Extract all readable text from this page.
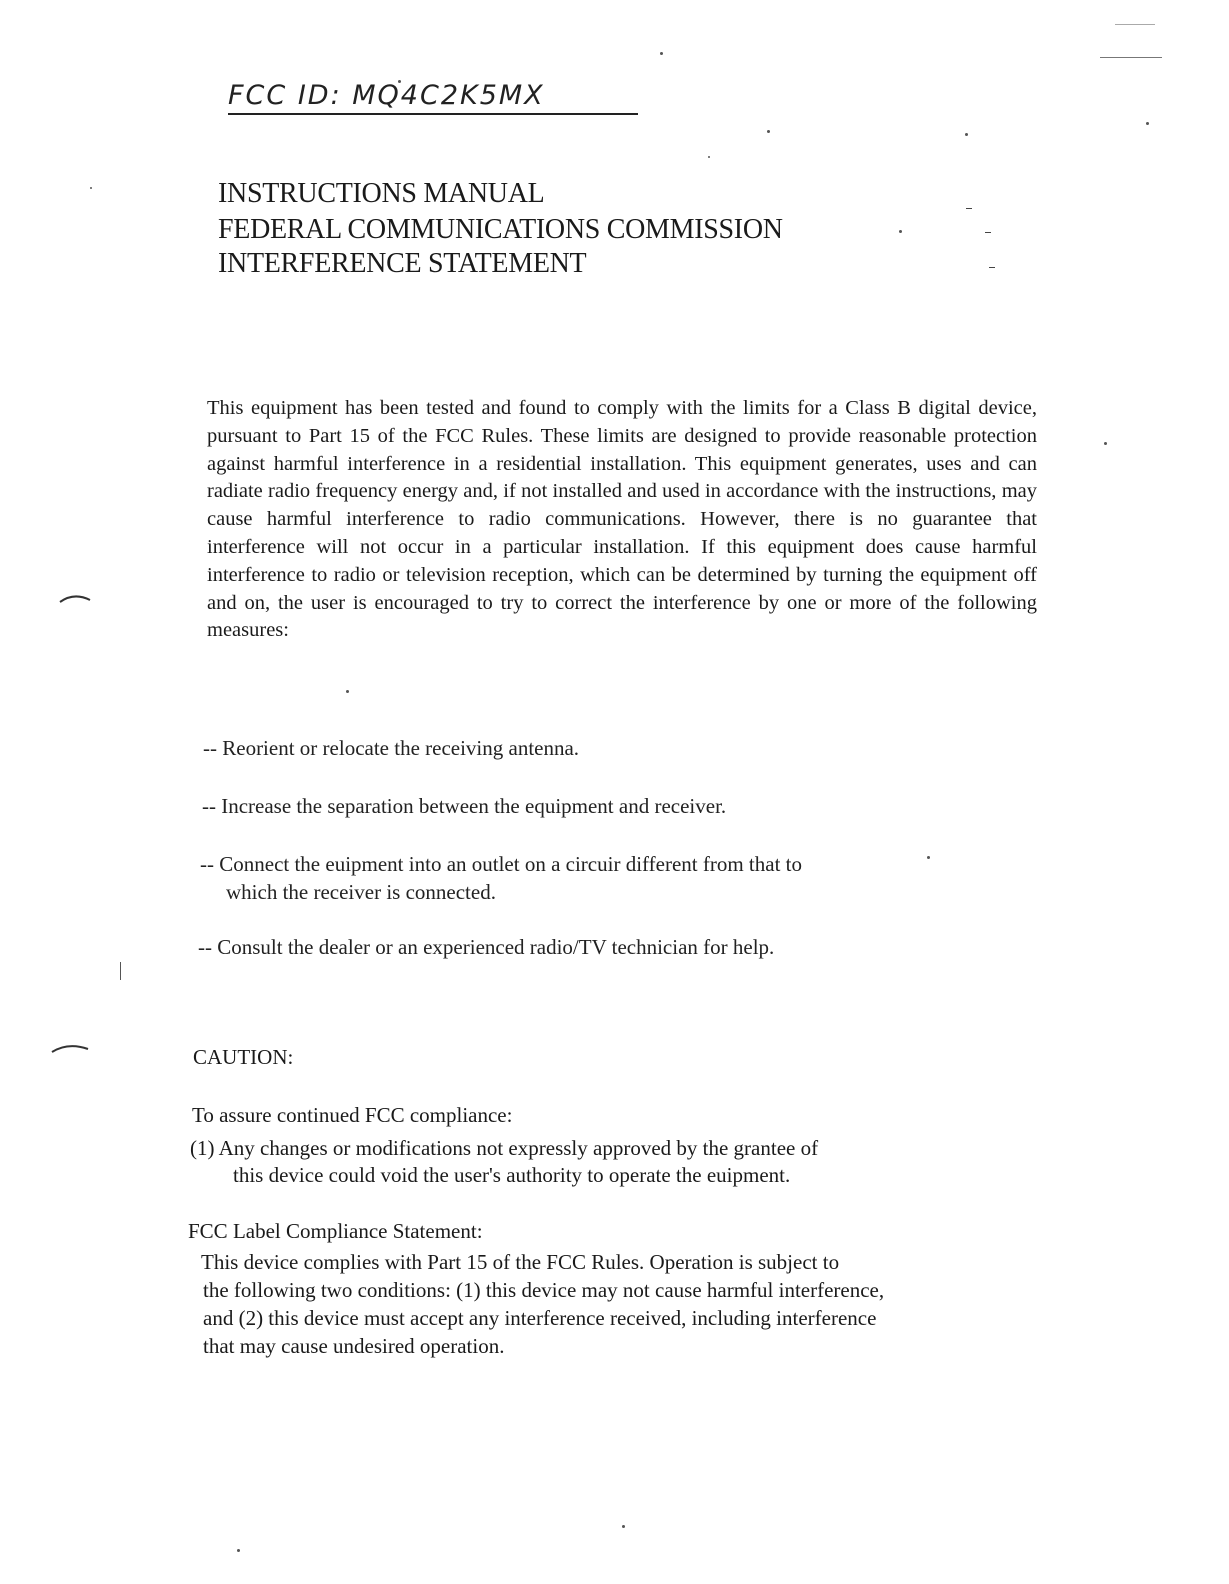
FCC ID: MQ4C2K5MX
INSTRUCTIONS MANUAL
FEDERAL COMMUNICATIONS COMMISSION
INTERFERENCE STATEMENT
This equipment has been tested and found to comply with the limits for a Class B digital device, pursuant to Part 15 of the FCC Rules. These limits are designed to provide reasonable protection against harmful interference in a residential installation. This equipment generates, uses and can radiate radio frequency energy and, if not installed and used in accordance with the instructions, may cause harmful interference to radio communications. However, there is no guarantee that interference will not occur in a particular installation. If this equipment does cause harmful interference to radio or television reception, which can be determined by turning the equipment off and on, the user is encouraged to try to correct the interference by one or more of the following measures:
-- Reorient or relocate the receiving antenna.
-- Increase the separation between the equipment and receiver.
-- Connect the euipment into an outlet on a circuir different from that to
which the receiver is connected.
-- Consult the dealer or an experienced radio/TV technician for help.
CAUTION:
To assure continued FCC compliance:
(1) Any changes or modifications not expressly approved by the grantee of
this device could void the user's authority to operate the euipment.
FCC Label Compliance Statement:
This device complies with Part 15 of the FCC Rules. Operation is subject to
the following two conditions: (1) this device may not cause harmful interference,
and (2) this device must accept any interference received, including interference
that may cause undesired operation.
